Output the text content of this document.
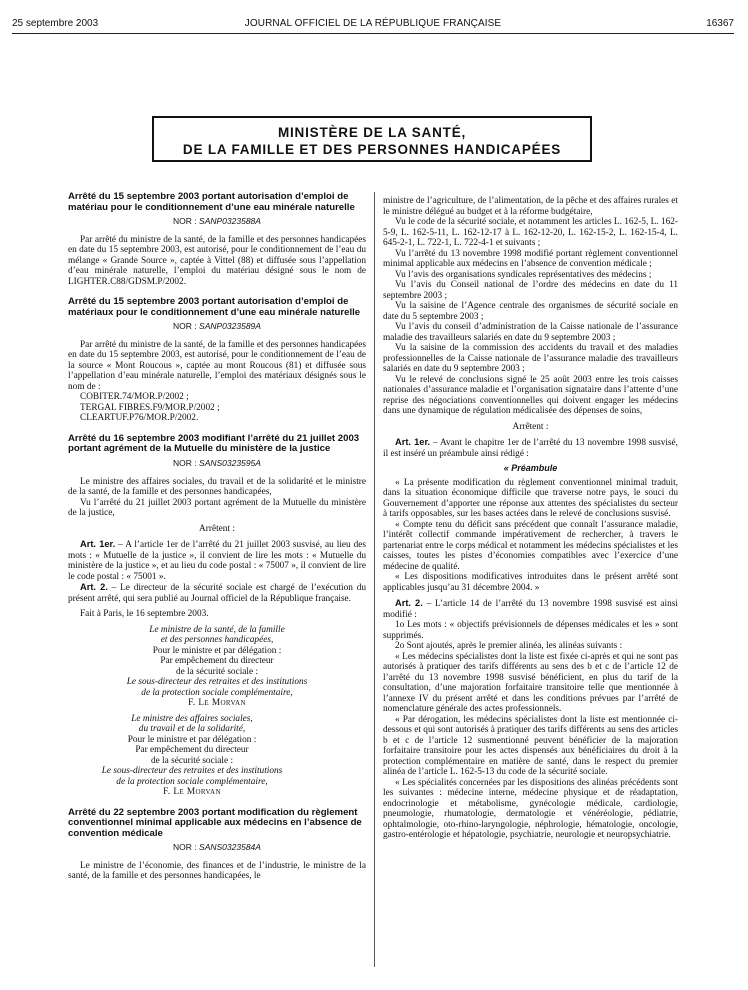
25 septembre 2003	JOURNAL OFFICIEL DE LA RÉPUBLIQUE FRANÇAISE	16367
MINISTÈRE DE LA SANTÉ,
DE LA FAMILLE ET DES PERSONNES HANDICAPÉES
Arrêté du 15 septembre 2003 portant autorisation d’emploi de matériau pour le conditionnement d’une eau minérale naturelle
NOR : SANP0323588A

Par arrêté du ministre de la santé, de la famille et des personnes handicapées en date du 15 septembre 2003, est autorisé, pour le conditionnement de l’eau du mélange « Grande Source », captée à Vittel (88) et diffusée sous l’appellation d’eau minérale naturelle, l’emploi du matériau désigné sous le nom de LIGHTER.C88/GDSM.P/2002.

Arrêté du 15 septembre 2003 portant autorisation d’emploi de matériaux pour le conditionnement d’une eau minérale naturelle
NOR : SANP0323589A

Par arrêté du ministre de la santé, de la famille et des personnes handicapées en date du 15 septembre 2003, est autorisé, pour le conditionnement de l’eau de la source « Mont Roucous », captée au mont Roucous (81) et diffusée sous l’appellation d’eau minérale naturelle, l’emploi des matériaux désignés sous le nom de :

COBITER.74/MOR.P/2002 ;

TERGAL FIBRES.F9/MOR.P/2002 ;

CLEARTUF.P76/MOR.P/2002.

Arrêté du 16 septembre 2003 modifiant l’arrêté du 21 juillet 2003 portant agrément de la Mutuelle du ministère de la justice
NOR : SANS0323595A

Le ministre des affaires sociales, du travail et de la solidarité et le ministre de la santé, de la famille et des personnes handicapées,

Vu l’arrêté du 21 juillet 2003 portant agrément de la Mutuelle du ministère de la justice,

Arrêtent :

Art. 1er. – A l’article 1er de l’arrêté du 21 juillet 2003 susvisé, au lieu des mots : « Mutuelle de la justice », il convient de lire les mots : « Mutuelle du ministère de la justice », et au lieu du code postal : « 75007 », il convient de lire le code postal : « 75001 ».

Art. 2. – Le directeur de la sécurité sociale est chargé de l’exécution du présent arrêté, qui sera publié au Journal officiel de la République française.

Fait à Paris, le 16 septembre 2003.

Le ministre de la santé, de la famille
et des personnes handicapées,
Pour le ministre et par délégation :
Par empêchement du directeur
de la sécurité sociale :
Le sous-directeur des retraites et des institutions
de la protection sociale complémentaire,
F. Le Morvan
Le ministre des affaires sociales,
du travail et de la solidarité,
Pour le ministre et par délégation :
Par empêchement du directeur
de la sécurité sociale :
Le sous-directeur des retraites et des institutions
de la protection sociale complémentaire,
F. Le Morvan
Arrêté du 22 septembre 2003 portant modification du règlement conventionnel minimal applicable aux médecins en l’absence de convention médicale
NOR : SANS0323584A

Le ministre de l’économie, des finances et de l’industrie, le ministre de la santé, de la famille et des personnes handicapées, le

ministre de l’agriculture, de l’alimentation, de la pêche et des affaires rurales et le ministre délégué au budget et à la réforme budgétaire,

Vu le code de la sécurité sociale, et notamment les articles L. 162-5, L. 162-5-9, L. 162-5-11, L. 162-12-17 à L. 162-12-20, L. 162-15-2, L. 162-15-4, L. 645-2-1, L. 722-1, L. 722-4-1 et suivants ;

Vu l’arrêté du 13 novembre 1998 modifié portant règlement conventionnel minimal applicable aux médecins en l’absence de convention médicale ;

Vu l’avis des organisations syndicales représentatives des médecins ;

Vu l’avis du Conseil national de l’ordre des médecins en date du 11 septembre 2003 ;

Vu la saisine de l’Agence centrale des organismes de sécurité sociale en date du 5 septembre 2003 ;

Vu l’avis du conseil d’administration de la Caisse nationale de l’assurance maladie des travailleurs salariés en date du 9 septembre 2003 ;

Vu la saisine de la commission des accidents du travail et des maladies professionnelles de la Caisse nationale de l’assurance maladie des travailleurs salariés en date du 9 septembre 2003 ;

Vu le relevé de conclusions signé le 25 août 2003 entre les trois caisses nationales d’assurance maladie et l’organisation signataire dans l’attente d’une reprise des négociations conventionnelles qui doivent engager les médecins dans une dynamique de régulation médicalisée des dépenses de soins,

Arrêtent :

Art. 1er. – Avant le chapitre 1er de l’arrêté du 13 novembre 1998 susvisé, il est inséré un préambule ainsi rédigé :

« Préambule

« La présente modification du règlement conventionnel minimal traduit, dans la situation économique difficile que traverse notre pays, le souci du Gouvernement d’apporter une réponse aux attentes des spécialistes du secteur à tarifs opposables, sur les bases actées dans le relevé de conclusions susvisé.

« Compte tenu du déficit sans précédent que connaît l’assurance maladie, l’intérêt collectif commande impérativement de rechercher, à travers le partenariat entre le corps médical et notamment les médecins spécialistes et les caisses, toutes les pistes d’économies compatibles avec l’exercice d’une médecine de qualité.

« Les dispositions modificatives introduites dans le présent arrêté sont applicables jusqu’au 31 décembre 2004. »

Art. 2. – L’article 14 de l’arrêté du 13 novembre 1998 susvisé est ainsi modifié :

1o Les mots : « objectifs prévisionnels de dépenses médicales et les » sont supprimés.

2o Sont ajoutés, après le premier alinéa, les alinéas suivants :

« Les médecins spécialistes dont la liste est fixée ci-après et qui ne sont pas autorisés à pratiquer des tarifs différents au sens des b et c de l’article 12 de l’arrêté du 13 novembre 1998 susvisé bénéficient, en plus du tarif de la consultation, d’une majoration forfaitaire transitoire telle que mentionnée à l’annexe IV du présent arrêté et dans les conditions prévues par l’arrêté de nomenclature générale des actes professionnels.

« Par dérogation, les médecins spécialistes dont la liste est mentionnée ci-dessous et qui sont autorisés à pratiquer des tarifs différents au sens des articles b et c de l’article 12 susmentionné peuvent bénéficier de la majoration forfaitaire transitoire pour les actes dispensés aux bénéficiaires du droit à la protection complémentaire en matière de santé, dans le respect du premier alinéa de l’article L. 162-5-13 du code de la sécurité sociale.

« Les spécialités concernées par les dispositions des alinéas précédents sont les suivantes : médecine interne, médecine physique et de réadaptation, endocrinologie et métabolisme, gynécologie médicale, cardiologie, pneumologie, rhumatologie, dermatologie et vénéréologie, pédiatrie, ophtalmologie, oto-rhino-laryngologie, néphrologie, hématologie, oncologie, gastro-entérologie et hépatologie, psychiatrie, neurologie et neuropsychiatrie.
